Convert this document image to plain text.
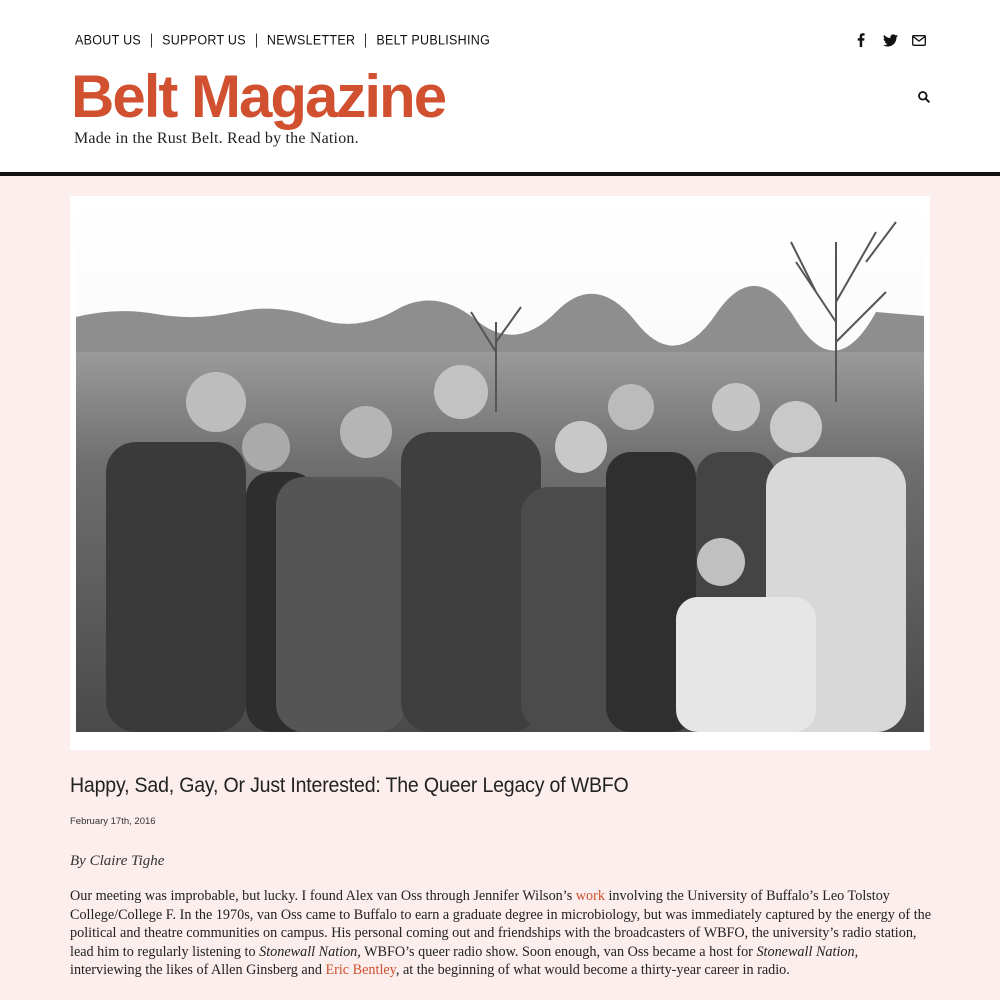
ABOUT US SUPPORT US NEWSLETTER BELT PUBLISHING
Belt Magazine
Made in the Rust Belt. Read by the Nation.
Happy, Sad, Gay, Or Just Interested: The Queer Legacy of WBFO
February 17th, 2016
By Claire Tighe

Our meeting was improbable, but lucky. I found Alex van Oss through Jennifer Wilson’s work involving the University of Buffalo’s Leo Tolstoy College/College F. In the 1970s, van Oss came to Buffalo to earn a graduate degree in microbiology, but was immediately captured by the energy of the political and theatre communities on campus. His personal coming out and friendships with the broadcasters of WBFO, the university’s radio station, lead him to regularly listening to Stonewall Nation, WBFO’s queer radio show. Soon enough, van Oss became a host for Stonewall Nation, interviewing the likes of Allen Ginsberg and Eric Bentley, at the beginning of what would become a thirty-year career in radio.
